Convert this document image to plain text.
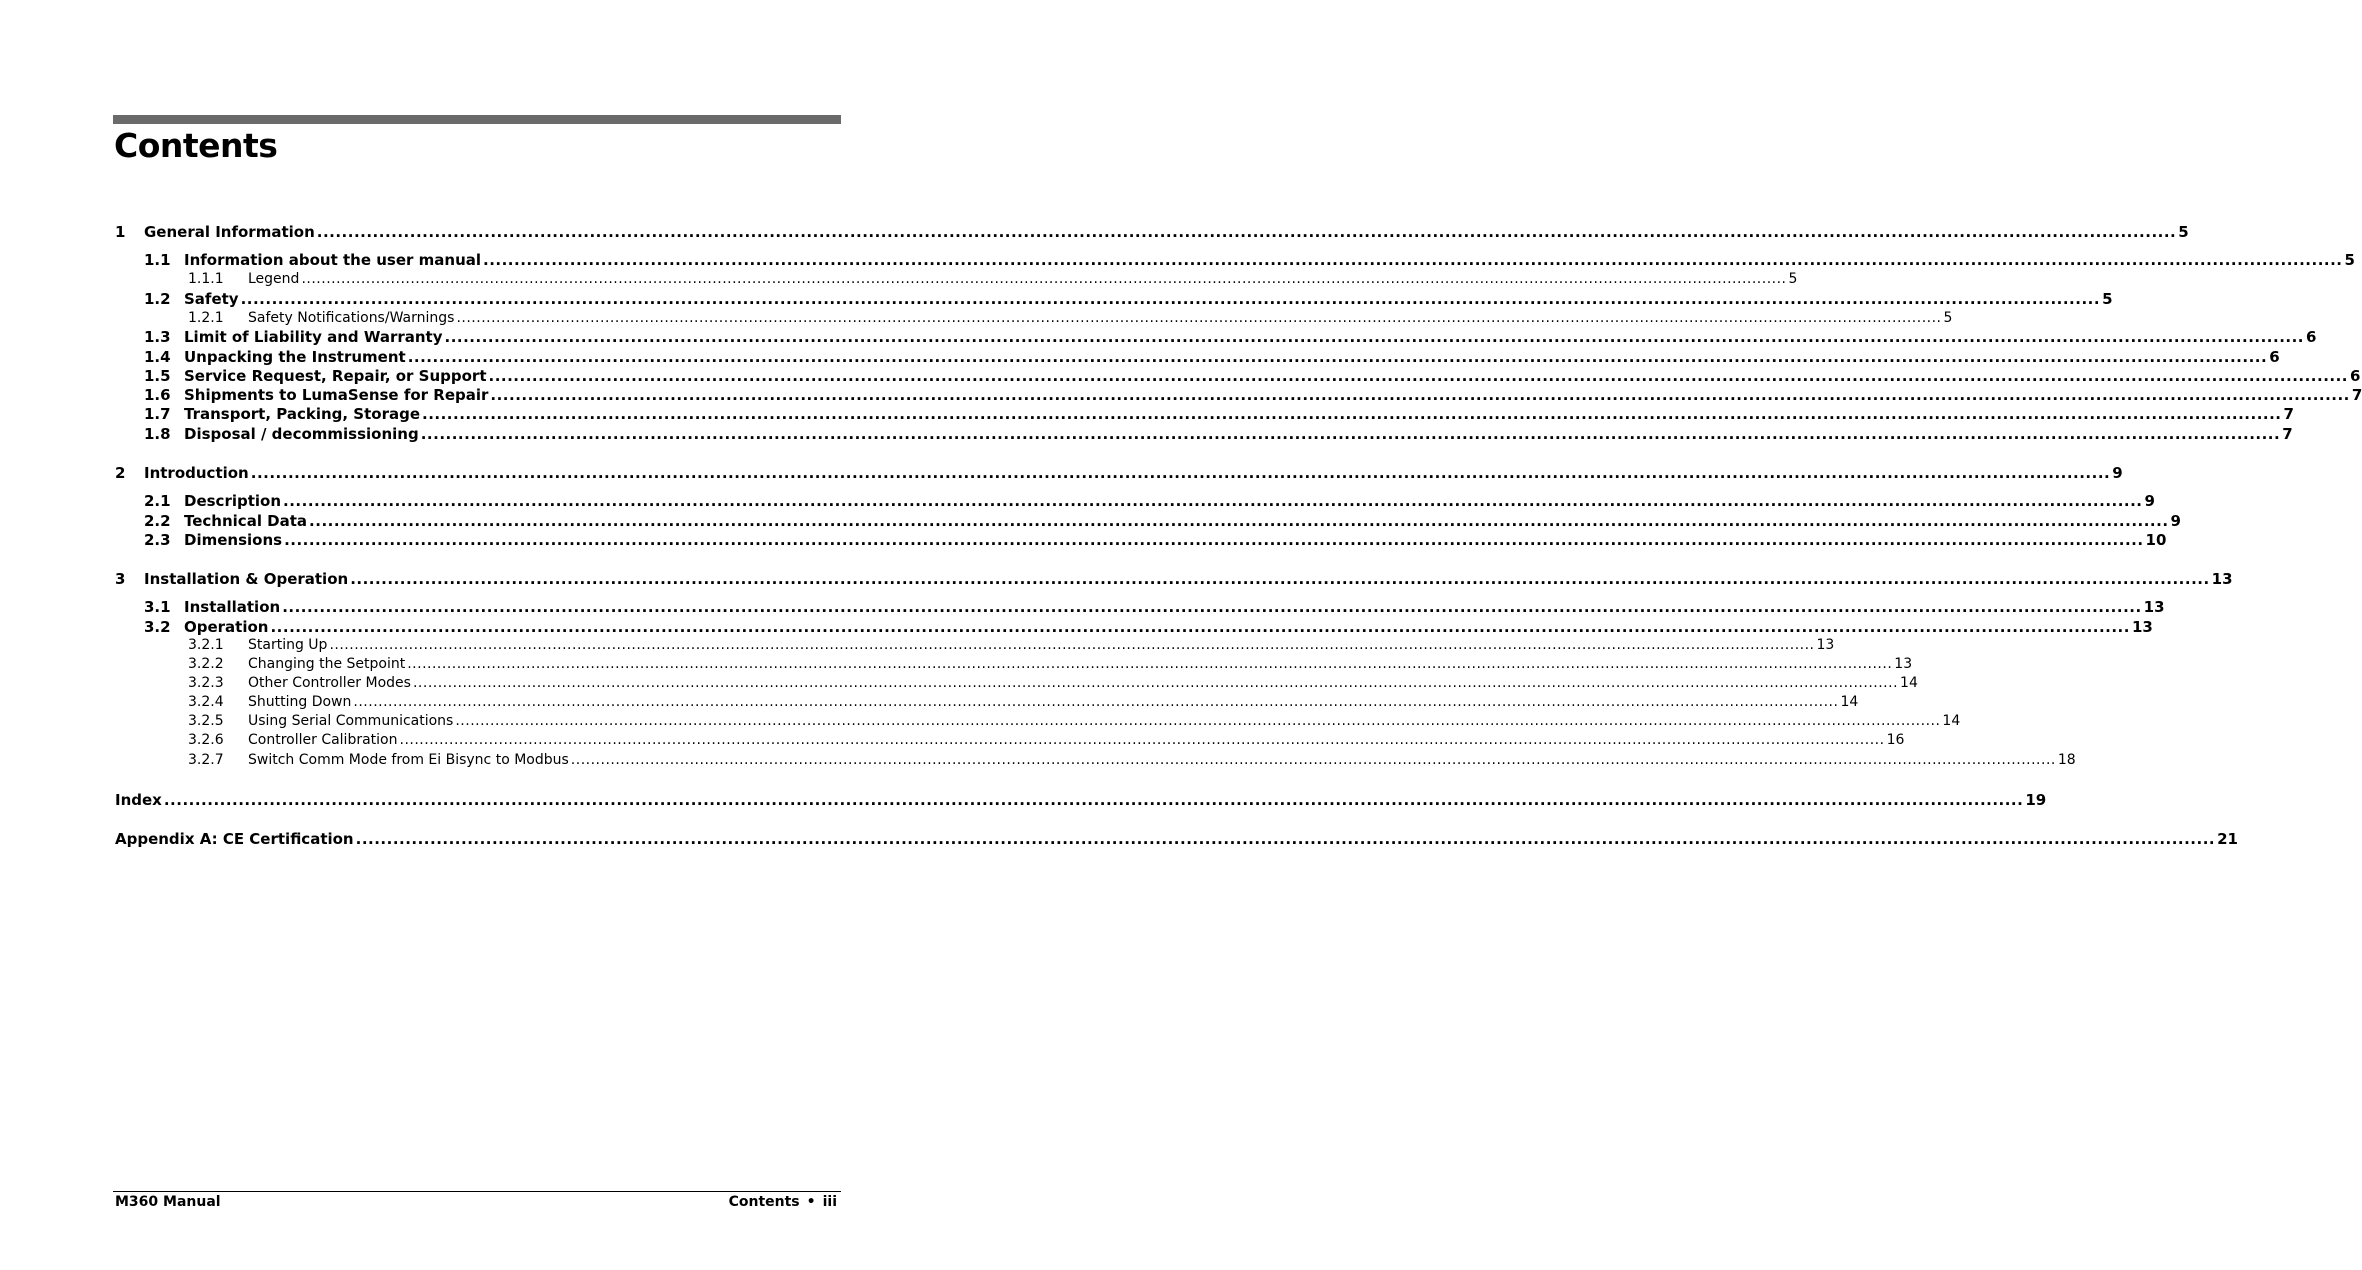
Contents
1	General Information ............................................................................................................................................................................................................................................................................................................ 5
1.1 Information about the user manual ............................................................................................................................................................................................................................................................................................................ 5
1.1.1	Legend ............................................................................................................................................................................................................................................................................................................ 5
1.2 Safety ............................................................................................................................................................................................................................................................................................................ 5
1.2.1	Safety Notifications/Warnings ............................................................................................................................................................................................................................................................................................................ 5
1.3 Limit of Liability and Warranty ............................................................................................................................................................................................................................................................................................................ 6
1.4 Unpacking the Instrument ............................................................................................................................................................................................................................................................................................................ 6
1.5 Service Request, Repair, or Support ............................................................................................................................................................................................................................................................................................................ 6
1.6 Shipments to LumaSense for Repair ............................................................................................................................................................................................................................................................................................................ 7
1.7 Transport, Packing, Storage ............................................................................................................................................................................................................................................................................................................ 7
1.8 Disposal / decommissioning ............................................................................................................................................................................................................................................................................................................ 7
2	Introduction ............................................................................................................................................................................................................................................................................................................ 9
2.1 Description ............................................................................................................................................................................................................................................................................................................ 9
2.2 Technical Data ............................................................................................................................................................................................................................................................................................................ 9
2.3 Dimensions ............................................................................................................................................................................................................................................................................................................ 10
3	Installation & Operation ............................................................................................................................................................................................................................................................................................................ 13
3.1 Installation ............................................................................................................................................................................................................................................................................................................ 13
3.2 Operation ............................................................................................................................................................................................................................................................................................................ 13
3.2.1	Starting Up ............................................................................................................................................................................................................................................................................................................ 13
3.2.2	Changing the Setpoint ............................................................................................................................................................................................................................................................................................................ 13
3.2.3	Other Controller Modes ............................................................................................................................................................................................................................................................................................................ 14
3.2.4	Shutting Down ............................................................................................................................................................................................................................................................................................................ 14
3.2.5	Using Serial Communications ............................................................................................................................................................................................................................................................................................................ 14
3.2.6	Controller Calibration ............................................................................................................................................................................................................................................................................................................ 16
3.2.7	Switch Comm Mode from Ei Bisync to Modbus ............................................................................................................................................................................................................................................................................................................ 18
Index ............................................................................................................................................................................................................................................................................................................ 19
Appendix A: CE Certification ............................................................................................................................................................................................................................................................................................................ 21
M360 Manual	Contents • iii
